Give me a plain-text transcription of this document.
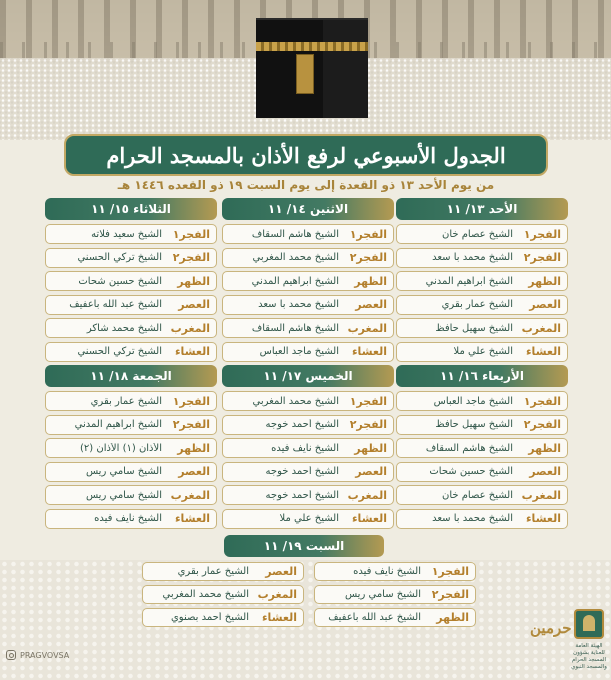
الجدول الأسبوعي لرفع الأذان بالمسجد الحرام
من يوم الأحد ١٣ ذو القعدة إلى يوم السبت ١٩ ذو القعده ١٤٤٦ هـ
الأحد ١٣/ ١١
الفجر١
الشيخ عصام خان
الفجر٢
الشيخ محمد با سعد
الظهر
الشيخ ابراهيم المدني
العصر
الشيخ عمار بقري
المغرب
الشيخ سهيل حافظ
العشاء
الشيخ علي ملا
الاثنين ١٤/ ١١
الفجر١
الشيخ هاشم السقاف
الفجر٢
الشيخ محمد المغربي
الظهر
الشيخ ابراهيم المدني
العصر
الشيخ محمد با سعد
المغرب
الشيخ هاشم السقاف
العشاء
الشيخ ماجد العباس
الثلاثاء ١٥/ ١١
الفجر١
الشيخ سعيد فلاته
الفجر٢
الشيخ تركي الحسني
الظهر
الشيخ حسين شحات
العصر
الشيخ عبد الله باعفيف
المغرب
الشيخ محمد شاكر
العشاء
الشيخ تركي الحسني
الأربعاء ١٦/ ١١
الفجر١
الشيخ ماجد العباس
الفجر٢
الشيخ سهيل حافظ
الظهر
الشيخ هاشم السقاف
العصر
الشيخ حسين شحات
المغرب
الشيخ عصام خان
العشاء
الشيخ محمد با سعد
الخميس ١٧/ ١١
الفجر١
الشيخ محمد المغربي
الفجر٢
الشيخ أحمد خوجه
الظهر
الشيخ نايف فيده
العصر
الشيخ أحمد خوجه
المغرب
الشيخ أحمد خوجه
العشاء
الشيخ علي ملا
الجمعة ١٨/ ١١
الفجر١
الشيخ عمار بقري
الفجر٢
الشيخ ابراهيم المدني
الظهر
الأذان (١) الأذان (٢)
العصر
الشيخ سامي ريس
المغرب
الشيخ سامي ريس
العشاء
الشيخ نايف فيده
السبت ١٩/ ١١
الفجر١
الشيخ نايف فيده
الفجر٢
الشيخ سامي ريس
الظهر
الشيخ عبد الله باعفيف
العصر
الشيخ عمار بقري
المغرب
الشيخ محمد المغربي
العشاء
الشيخ أحمد بصنوي
PRAGVOVSA
حرمين
الهيئة العامة للعناية بشؤون المسجد الحرام والمسجد النبوي
